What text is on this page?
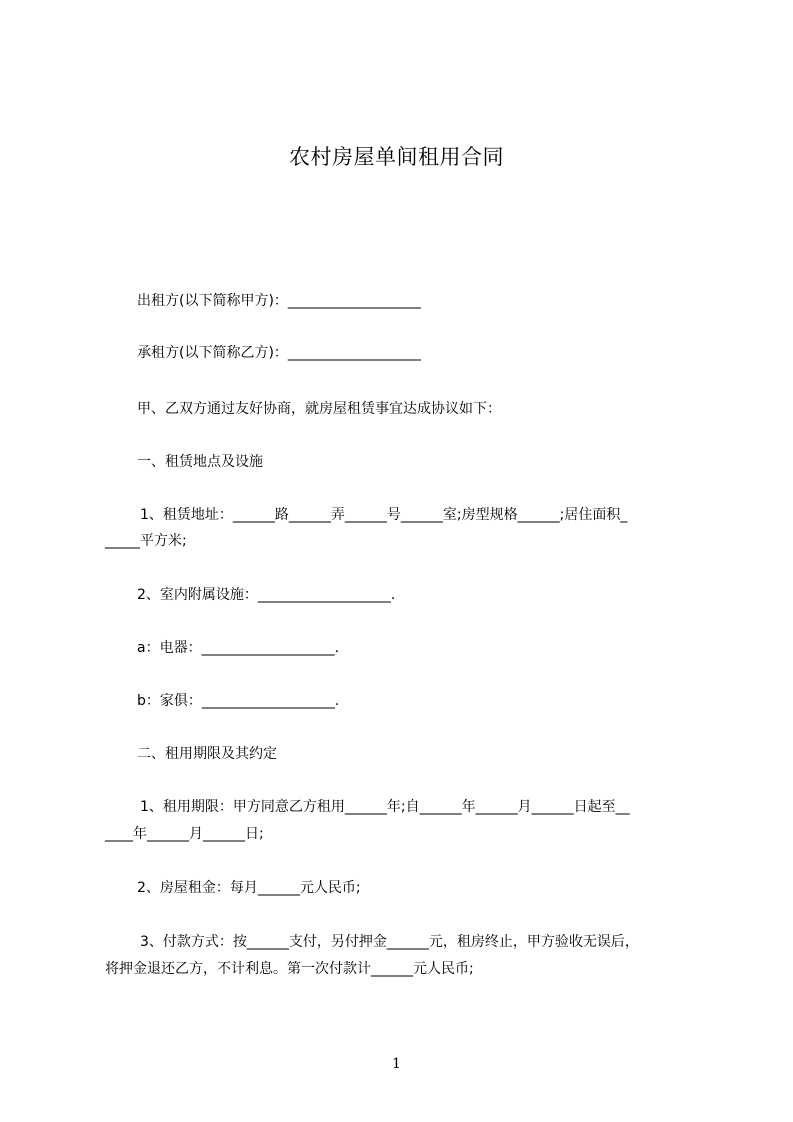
农村房屋单间租用合同
出租方(以下简称甲方)：___________________
承租方(以下简称乙方)：___________________
甲、乙双方通过友好协商，就房屋租赁事宜达成协议如下：
一、租赁地点及设施
1、租赁地址：______路______弄______号______室;房型规格______;居住面积_
_____平方米;
2、室内附属设施：___________________.
a：电器：___________________.
b：家俱：___________________.
二、租用期限及其约定
1、租用期限：甲方同意乙方租用______年;自______年______月______日起至__
____年______月______日;
2、房屋租金：每月______元人民币;
3、付款方式：按______支付，另付押金______元，租房终止，甲方验收无误后，
将押金退还乙方，不计利息。第一次付款计______元人民币;
1
